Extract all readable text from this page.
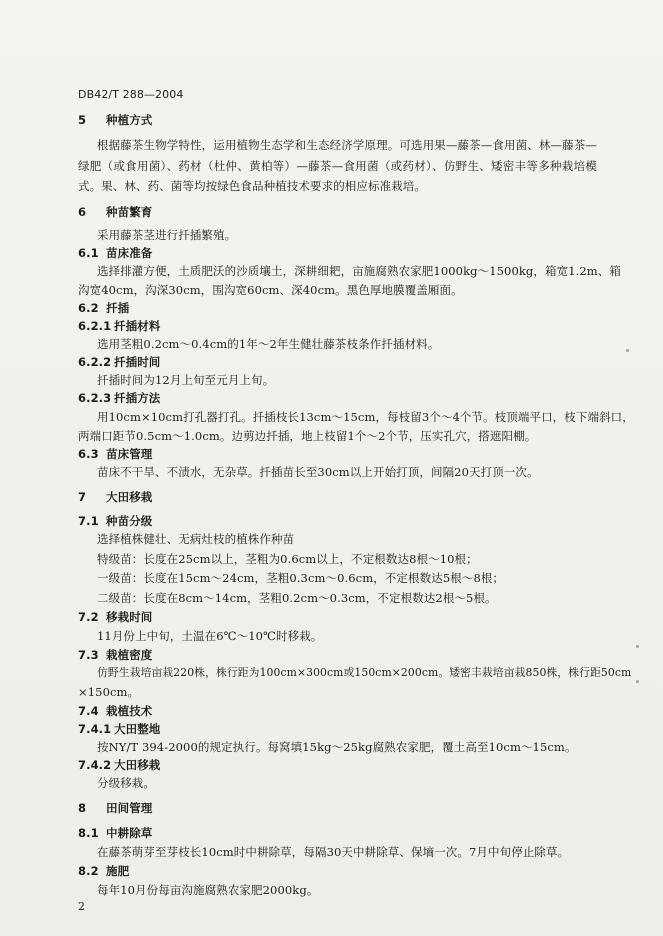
DB42/T 288—2004
5 种植方式
根据藤茶生物学特性，运用植物生态学和生态经济学原理。可选用果—藤茶—食用菌、林—藤茶—
绿肥（或食用菌）、药材（杜仲、黄柏等）—藤茶—食用菌（或药材）、仿野生、矮密丰等多种栽培模
式。果、林、药、菌等均按绿色食品种植技术要求的相应标准栽培。
6 种苗繁育
采用藤茶茎进行扦插繁殖。
6.1 苗床准备
选择排灌方便，土质肥沃的沙质壤土，深耕细耙，亩施腐熟农家肥1000kg～1500kg，箱宽1.2m、箱
沟宽40cm，沟深30cm，围沟宽60cm、深40cm。黑色厚地膜覆盖厢面。
6.2 扦插
6.2.1 扦插材料
选用茎粗0.2cm～0.4cm的1年～2年生健壮藤茶枝条作扦插材料。
6.2.2 扦插时间
扦插时间为12月上旬至元月上旬。
6.2.3 扦插方法
用10cm×10cm打孔器打孔。扦插枝长13cm～15cm，每枝留3个～4个节。枝顶端平口，枝下端斜口，
两端口距节0.5cm～1.0cm。边剪边扦插，地上枝留1个～2个节，压实孔穴，搭遮阳棚。
6.3 苗床管理
苗床不干旱、不渍水，无杂草。扦插苗长至30cm以上开始打顶，间隔20天打顶一次。
7 大田移栽
7.1 种苗分级
选择植株健壮、无病灶枝的植株作种苗
特级苗：长度在25cm以上，茎粗为0.6cm以上，不定根数达8根～10根；
一级苗：长度在15cm～24cm，茎粗0.3cm～0.6cm，不定根数达5根～8根；
二级苗：长度在8cm～14cm，茎粗0.2cm～0.3cm，不定根数达2根～5根。
7.2 移栽时间
11月份上中旬，土温在6℃～10℃时移栽。
7.3 栽植密度
仿野生栽培亩栽220株，株行距为100cm×300cm或150cm×200cm。矮密丰栽培亩栽850株，株行距50cm
×150cm。
7.4 栽植技术
7.4.1 大田整地
按NY/T 394-2000的规定执行。每窝填15kg～25kg腐熟农家肥，覆土高至10cm～15cm。
7.4.2 大田移栽
分级移栽。
8 田间管理
8.1 中耕除草
在藤茶萌芽至芽枝长10cm时中耕除草，每隔30天中耕除草、保墒一次。7月中旬停止除草。
8.2 施肥
每年10月份每亩沟施腐熟农家肥2000kg。
2
